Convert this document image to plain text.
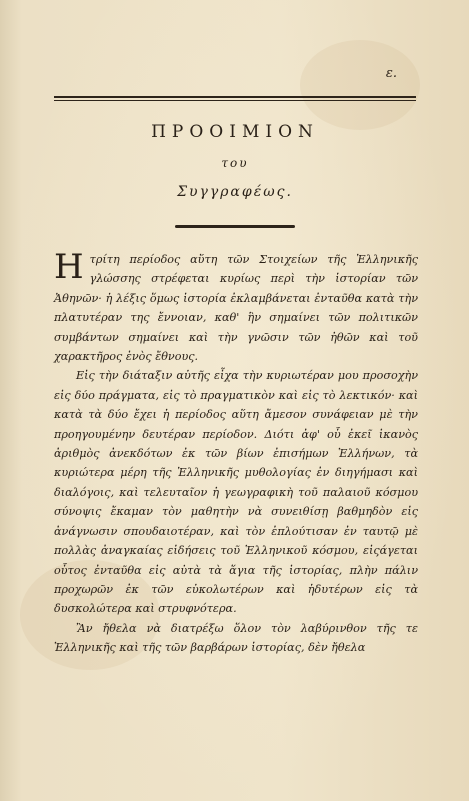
ε.
ΠΡΟΟΙΜΙΟΝ
του
Συγγραφέως.

Ητρίτη περίοδος αὕτη τῶν Στοιχείων τῆς Ἑλληνικῆς γλώσσης στρέφεται κυρίως περὶ τὴν ἱστορίαν τῶν Ἀθηνῶν· ἡ λέξις ὅμως ἱστορία ἐκλαμβάνεται ἐνταῦθα κατὰ τὴν πλατυτέραν της ἔννοιαν, καθ' ἣν σημαίνει τῶν πολιτικῶν συμβάντων σημαίνει καὶ τὴν γνῶσιν τῶν ἠθῶν καὶ τοῦ χαρακτῆρος ἑνὸς ἔθνους.

Εἰς τὴν διάταξιν αὐτῆς εἶχα τὴν κυριωτέραν μου προσοχὴν εἰς δύο πράγματα, εἰς τὸ πραγματικὸν καὶ εἰς τὸ λεκτικόν· καὶ κατὰ τὰ δύο ἔχει ἡ περίοδος αὕτη ἄμεσον συνάφειαν μὲ τὴν προηγουμένην δευτέραν περίοδον. Διότι ἀφ' οὗ ἐκεῖ ἱκανὸς ἀριθμὸς ἀνεκδότων ἐκ τῶν βίων ἐπισήμων Ἑλλήνων, τὰ κυριώτερα μέρη τῆς Ἑλληνικῆς μυθολογίας ἐν διηγήμασι καὶ διαλόγοις, καὶ τελευταῖον ἡ γεωγραφικὴ τοῦ παλαιοῦ κόσμου σύνοψις ἔκαμαν τὸν μαθητὴν νὰ συνειθίσῃ βαθμηδὸν εἰς ἀνάγνωσιν σπουδαιοτέραν, καὶ τὸν ἐπλούτισαν ἐν ταυτῷ μὲ πολλὰς ἀναγκαίας εἰδήσεις τοῦ Ἑλληνικοῦ κόσμου, εἰςάγεται οὗτος ἐνταῦθα εἰς αὐτὰ τὰ ἅγια τῆς ἱστορίας, πλὴν πάλιν προχωρῶν ἐκ τῶν εὐκολωτέρων καὶ ἡδυτέρων εἰς τὰ δυσκολώτερα καὶ στρυφνότερα.

Ἂν ἤθελα νὰ διατρέξω ὅλον τὸν λαβύρινθον τῆς τε Ἑλληνικῆς καὶ τῆς τῶν βαρβάρων ἱστορίας, δὲν ἤθελα
